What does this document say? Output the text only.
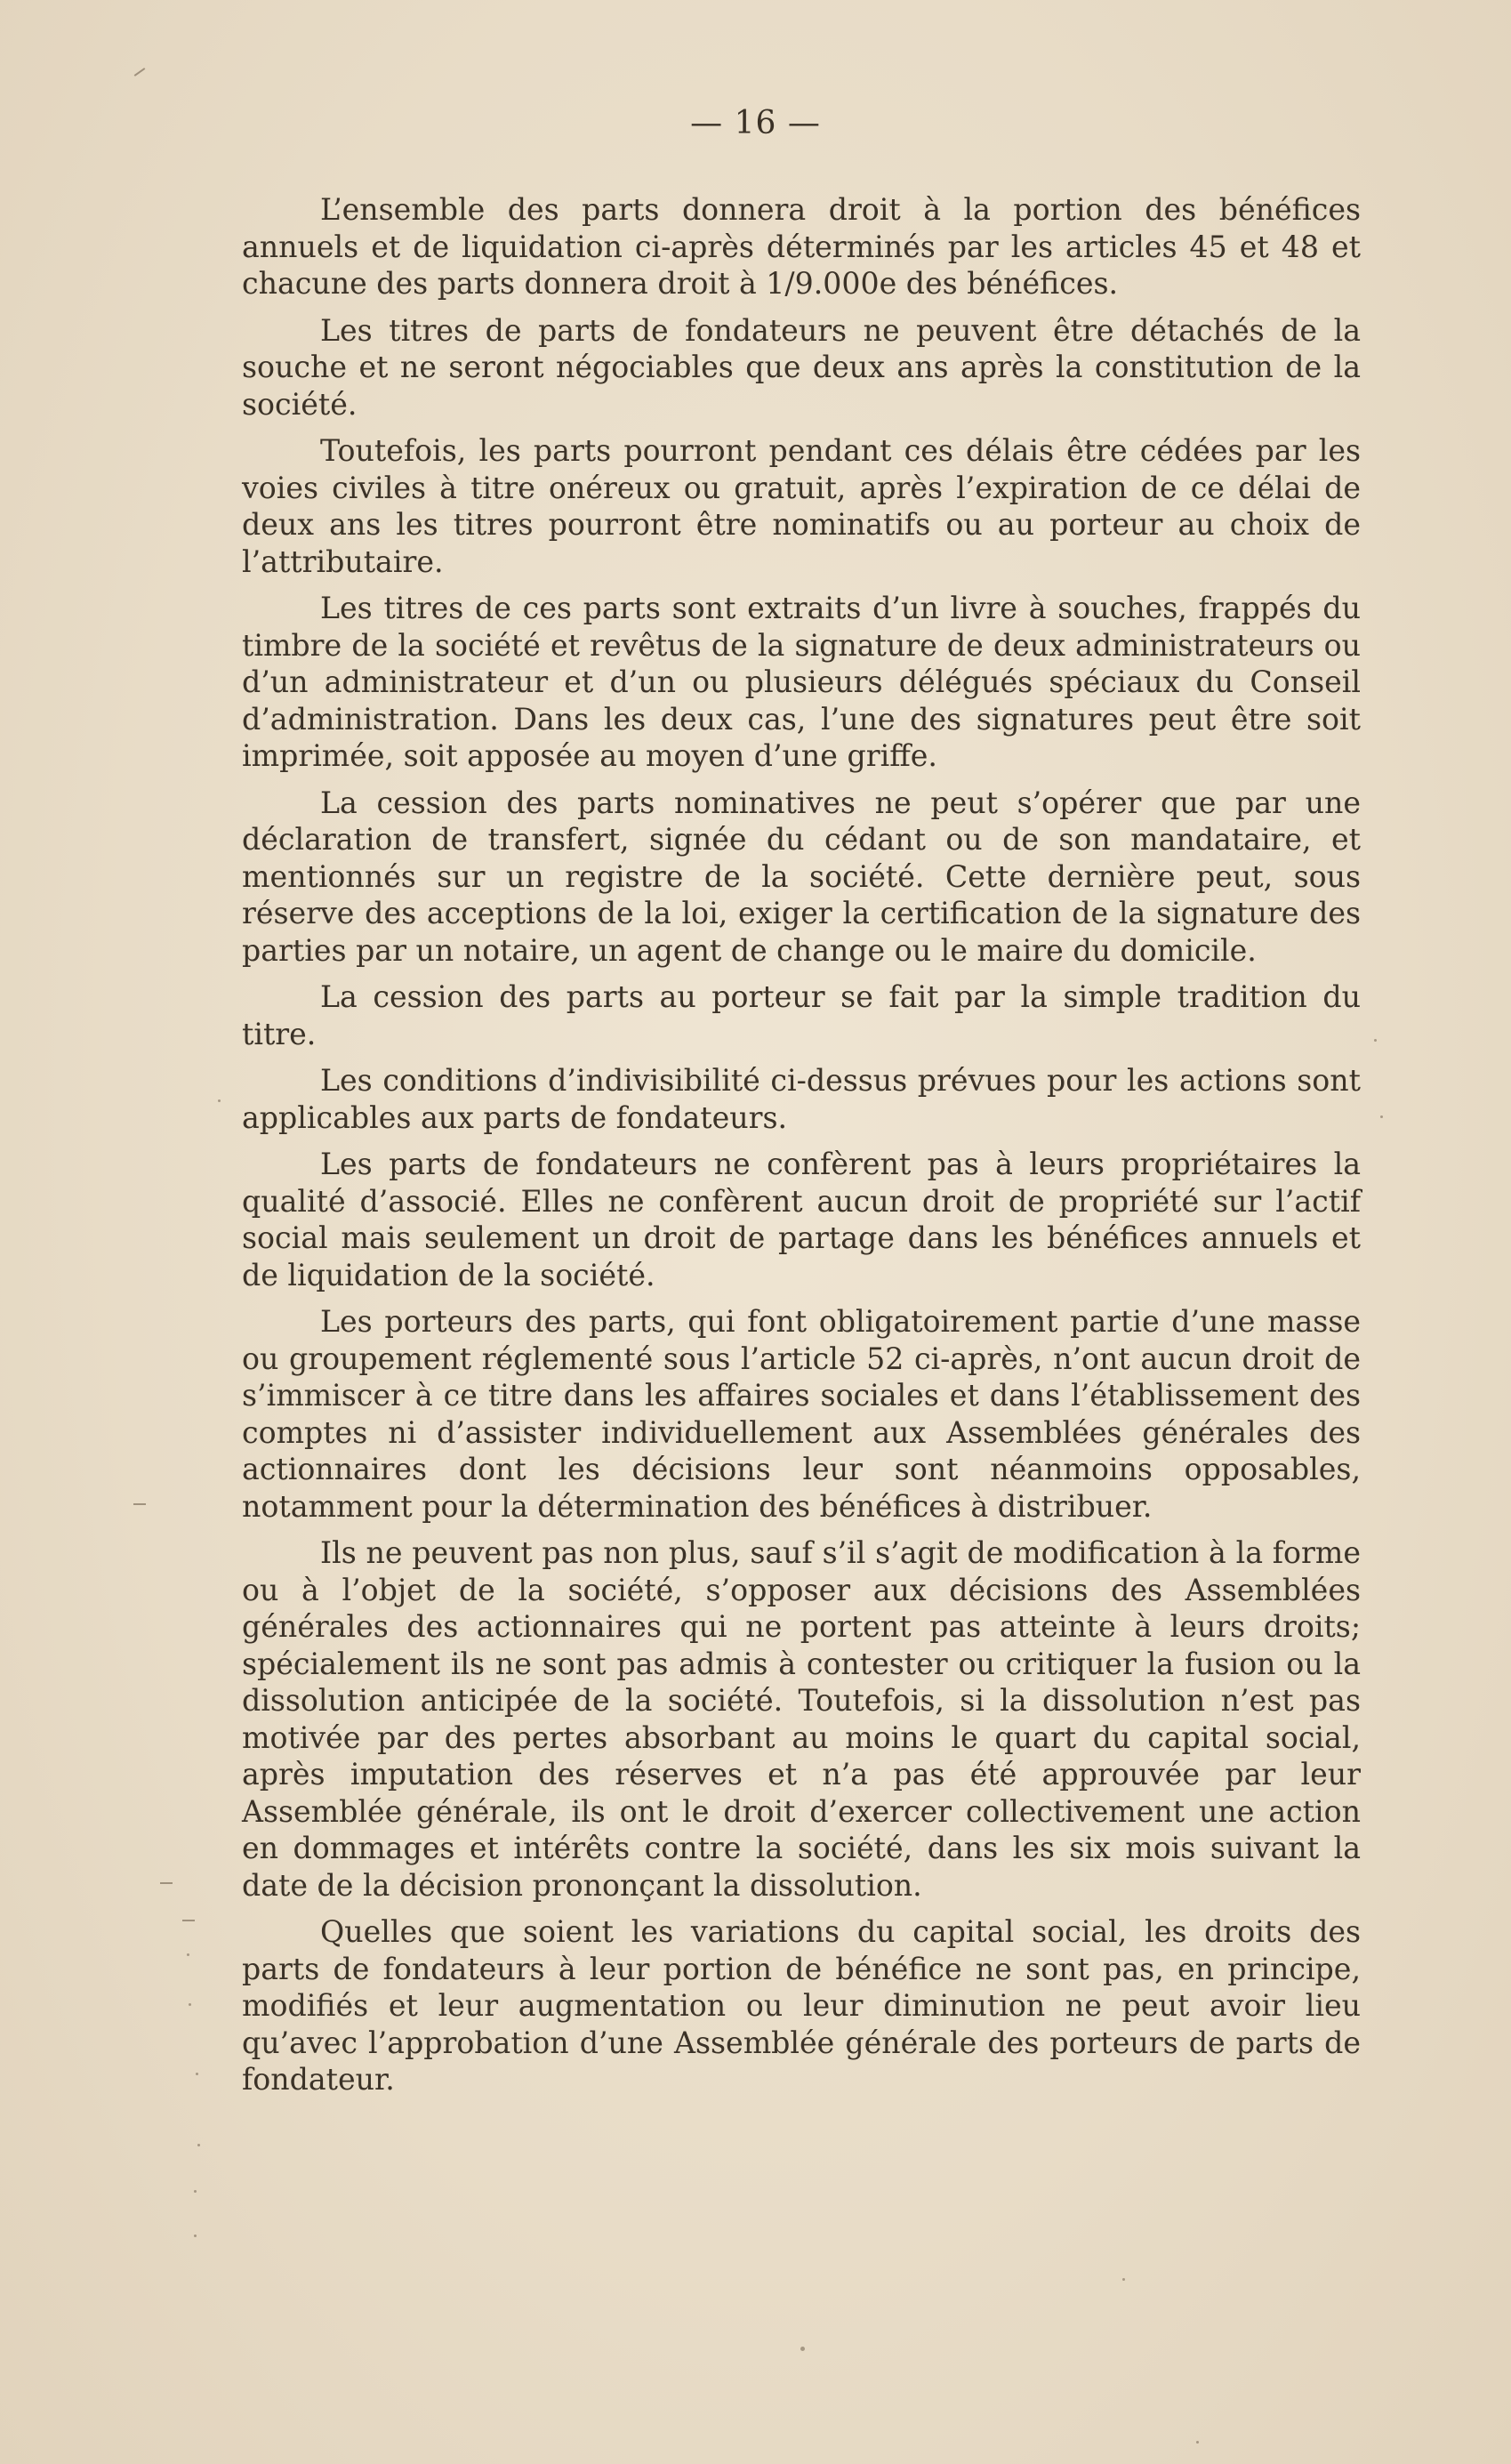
— 16 —

L’ensemble des parts donnera droit à la portion des bénéfices annuels et de liquidation ci-après déterminés par les articles 45 et 48 et chacune des parts donnera droit à 1/9.000e des bénéfices.

Les titres de parts de fondateurs ne peuvent être détachés de la souche et ne seront négociables que deux ans après la constitution de la société.

Toutefois, les parts pourront pendant ces délais être cédées par les voies civiles à titre onéreux ou gratuit, après l’expiration de ce délai de deux ans les titres pourront être nominatifs ou au porteur au choix de l’attributaire.

Les titres de ces parts sont extraits d’un livre à souches, frappés du timbre de la société et revêtus de la signature de deux administrateurs ou d’un administrateur et d’un ou plusieurs délégués spéciaux du Conseil d’administration. Dans les deux cas, l’une des signatures peut être soit imprimée, soit apposée au moyen d’une griffe.

La cession des parts nominatives ne peut s’opérer que par une déclaration de transfert, signée du cédant ou de son mandataire, et mentionnés sur un registre de la société. Cette dernière peut, sous réserve des acceptions de la loi, exiger la certification de la signature des parties par un notaire, un agent de change ou le maire du domicile.

La cession des parts au porteur se fait par la simple tradition du titre.

Les conditions d’indivisibilité ci-dessus prévues pour les actions sont applicables aux parts de fondateurs.

Les parts de fondateurs ne confèrent pas à leurs propriétaires la qualité d’associé. Elles ne confèrent aucun droit de propriété sur l’actif social mais seulement un droit de partage dans les bénéfices annuels et de liquidation de la société.

Les porteurs des parts, qui font obligatoirement partie d’une masse ou groupement réglementé sous l’article 52 ci-après, n’ont aucun droit de s’immiscer à ce titre dans les affaires sociales et dans l’établissement des comptes ni d’assister individuellement aux Assemblées générales des actionnaires dont les décisions leur sont néanmoins opposables, notamment pour la détermination des bénéfices à distribuer.

Ils ne peuvent pas non plus, sauf s’il s’agit de modification à la forme ou à l’objet de la société, s’opposer aux décisions des Assemblées générales des actionnaires qui ne portent pas atteinte à leurs droits; spécialement ils ne sont pas admis à contester ou critiquer la fusion ou la dissolution anticipée de la société. Toutefois, si la dissolution n’est pas motivée par des pertes absorbant au moins le quart du capital social, après imputation des réserves et n’a pas été approuvée par leur Assemblée générale, ils ont le droit d’exercer collectivement une action en dommages et intérêts contre la société, dans les six mois suivant la date de la décision prononçant la dissolution.

Quelles que soient les variations du capital social, les droits des parts de fondateurs à leur portion de bénéfice ne sont pas, en principe, modifiés et leur augmentation ou leur diminution ne peut avoir lieu qu’avec l’approbation d’une Assemblée générale des porteurs de parts de fondateur.
